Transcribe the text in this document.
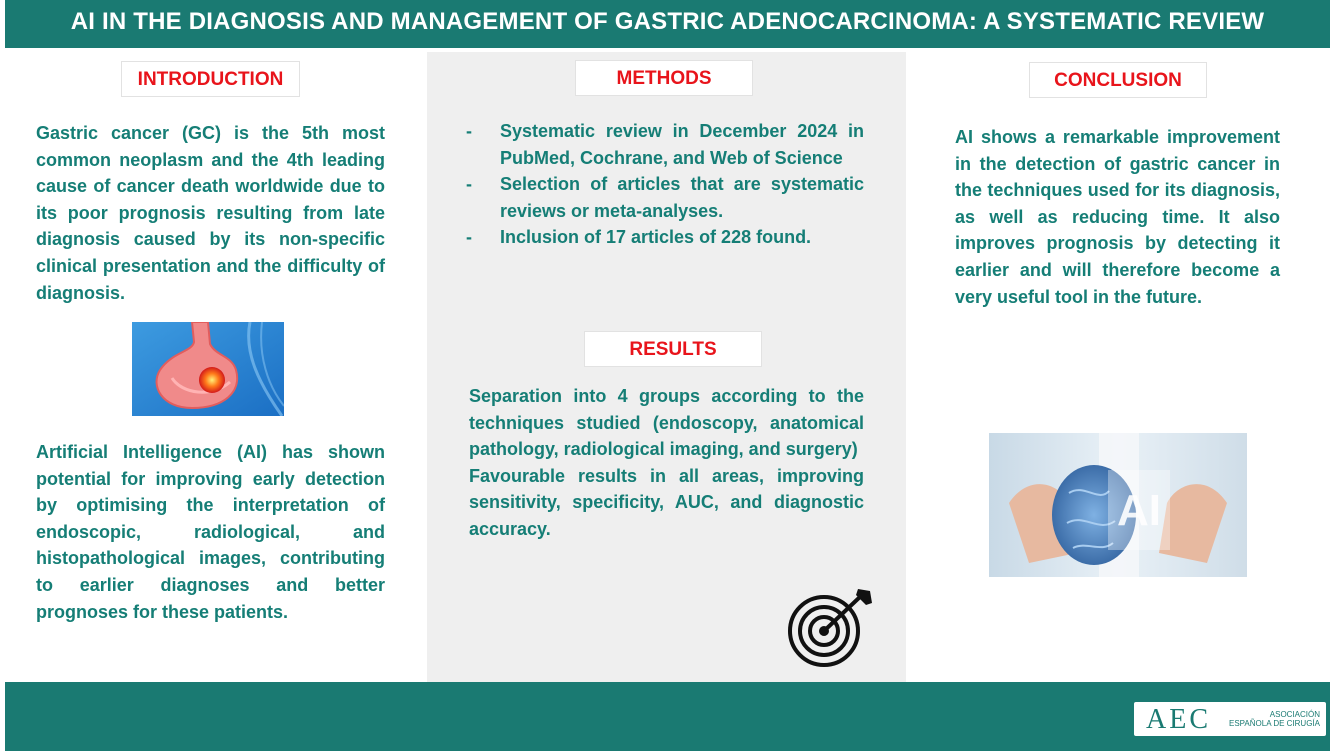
AI IN THE DIAGNOSIS AND MANAGEMENT OF GASTRIC ADENOCARCINOMA: A SYSTEMATIC REVIEW
INTRODUCTION

Gastric cancer (GC) is the 5th most common neoplasm and the 4th leading cause of cancer death worldwide due to its poor prognosis resulting from late diagnosis caused by its non-specific clinical presentation and the difficulty of diagnosis.

Artificial Intelligence (AI) has shown potential for improving early detection by optimising the interpretation of endoscopic, radiological, and histopathological images, contributing to earlier diagnoses and better prognoses for these patients.

METHODS
- Systematic review in December 2024 in PubMed, Cochrane, and Web of Science
- Selection of articles that are systematic reviews or meta-analyses.
- Inclusion of 17 articles of 228 found.
RESULTS

Separation into 4 groups according to the techniques studied (endoscopy, anatomical pathology, radiological imaging, and surgery)

Favourable results in all areas, improving sensitivity, specificity, AUC, and diagnostic accuracy.

CONCLUSION

AI shows a remarkable improvement in the detection of gastric cancer in the techniques used for its diagnosis, as well as reducing time. It also improves prognosis by detecting it earlier and will therefore become a very useful tool in the future.

AI
AEC	ASOCIACIÓN ESPAÑOLA DE CIRUGÍA
